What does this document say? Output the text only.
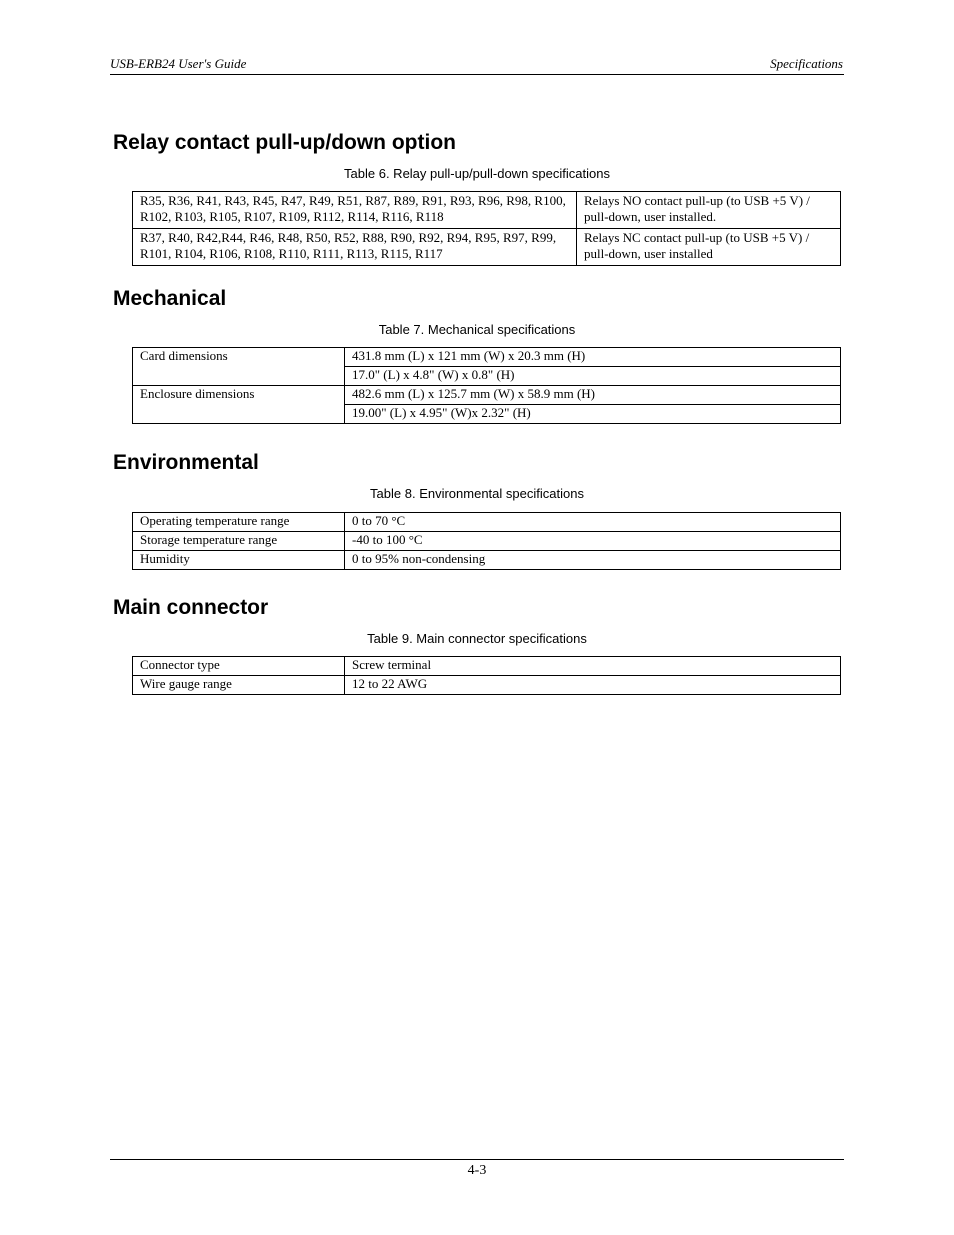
USB-ERB24 User's Guide	Specifications
Relay contact pull-up/down option
Table 6. Relay pull-up/pull-down specifications
R35, R36, R41, R43, R45, R47, R49, R51, R87, R89, R91, R93, R96, R98, R100, R102, R103, R105, R107, R109, R112, R114, R116, R118	Relays NO contact pull-up (to USB +5 V) / pull-down, user installed.
R37, R40, R42,R44, R46, R48, R50, R52, R88, R90, R92, R94, R95, R97, R99, R101, R104, R106, R108, R110, R111, R113, R115, R117	Relays NC contact pull-up (to USB +5 V) / pull-down, user installed
Mechanical
Table 7. Mechanical specifications
Card dimensions	431.8 mm (L) x 121 mm (W) x 20.3 mm (H)
	17.0" (L) x 4.8" (W) x 0.8" (H)
Enclosure dimensions	482.6 mm (L) x 125.7 mm (W) x 58.9 mm (H)
	19.00" (L) x 4.95" (W)x 2.32" (H)
Environmental
Table 8. Environmental specifications
Operating temperature range	0 to 70 °C
Storage temperature range	-40 to 100 °C
Humidity	0 to 95% non-condensing
Main connector
Table 9. Main connector specifications
Connector type	Screw terminal
Wire gauge range	12 to 22 AWG
4-3
